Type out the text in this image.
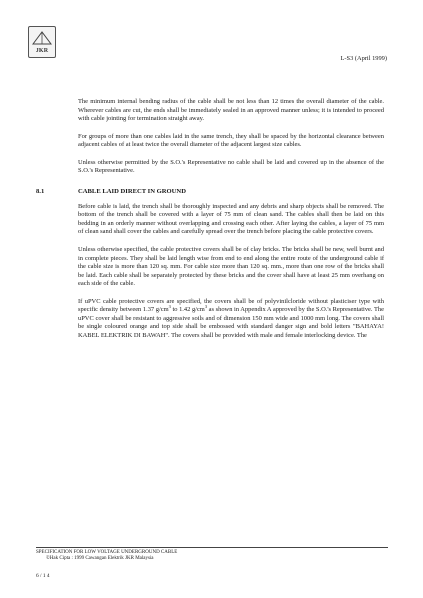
JKR
L-S3 (April 1999)

The minimum internal bending radius of the cable shall be not less than 12 times the overall diameter of the cable. Wherever cables are cut, the ends shall be immediately sealed in an approved manner unless; it is intended to proceed with cable jointing for termination straight away.

For groups of more than one cables laid in the same trench, they shall be spaced by the horizontal clearance between adjacent cables of at least twice the overall diameter of the adjacent largest size cables.

Unless otherwise permitted by the S.O.'s Representative no cable shall be laid and covered up in the absence of the S.O.'s Representative.

8.1	CABLE LAID DIRECT IN GROUND

Before cable is laid, the trench shall be thoroughly inspected and any debris and sharp objects shall be removed. The bottom of the trench shall be covered with a layer of 75 mm of clean sand. The cables shall then be laid on this bedding in an orderly manner without overlapping and crossing each other. After laying the cables, a layer of 75 mm of clean sand shall cover the cables and carefully spread over the trench before placing the cable protective covers.

Unless otherwise specified, the cable protective covers shall be of clay bricks. The bricks shall be new, well burnt and in complete pieces. They shall be laid length wise from end to end along the entire route of the underground cable if the cable size is more than 120 sq. mm. For cable size more than 120 sq. mm., more than one row of the bricks shall be laid. Each cable shall be separately protected by these bricks and the cover shall have at least 25 mm overhang on each side of the cable.

If uPVC cable protective covers are specified, the covers shall be of polyvinilcloride without plasticiser type with specific density between 1.37 $g/cm^3$ to 1.42 $g/cm^3$ as shown in Appendix A approved by the S.O.'s Representative. The uPVC cover shall be resistant to aggressive soils and of dimension 150 mm wide and 1000 mm long. The covers shall be single coloured orange and top side shall be embossed with standard danger sign and bold letters "BAHAYA! KABEL ELEKTRIK DI BAWAH". The covers shall be provided with male and female interlocking device. The

SPECIFICATION FOR LOW VOLTAGE UNDERGROUND CABLE
©Hak Cipta : 1999 Cawangan Elektrik JKR Malaysia
6 / 1 4
